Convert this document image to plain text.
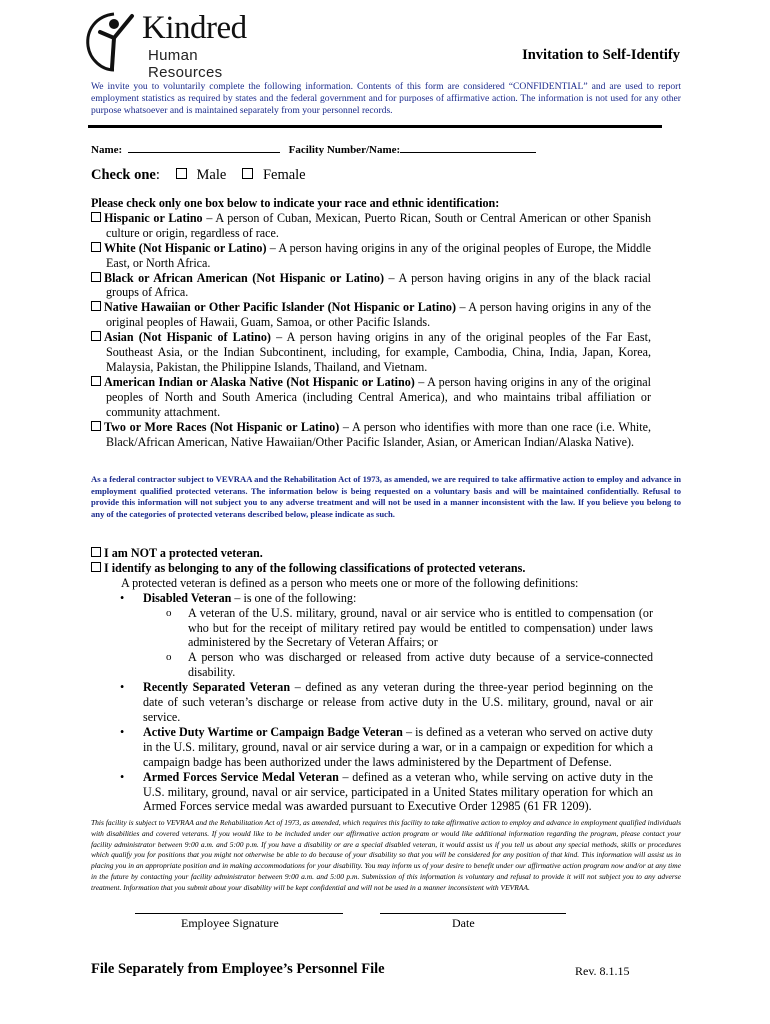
Kindred
Human Resources
Invitation to Self-Identify
We invite you to voluntarily complete the following information. Contents of this form are considered “CONFIDENTIAL” and are used to report employment statistics as required by states and the federal government and for purposes of affirmative action. The information is not used for any other purpose whatsoever and is maintained separately from your personnel records.
Name:	Facility Number/Name:
Check one:	Male	Female
Please check only one box below to indicate your race and ethnic identification:
Hispanic or Latino – A person of Cuban, Mexican, Puerto Rican, South or Central American or other Spanish culture or origin, regardless of race.
White (Not Hispanic or Latino) – A person having origins in any of the original peoples of Europe, the Middle East, or North Africa.
Black or African American (Not Hispanic or Latino) – A person having origins in any of the black racial groups of Africa.
Native Hawaiian or Other Pacific Islander (Not Hispanic or Latino) – A person having origins in any of the original peoples of Hawaii, Guam, Samoa, or other Pacific Islands.
Asian (Not Hispanic of Latino) – A person having origins in any of the original peoples of the Far East, Southeast Asia, or the Indian Subcontinent, including, for example, Cambodia, China, India, Japan, Korea, Malaysia, Pakistan, the Philippine Islands, Thailand, and Vietnam.
American Indian or Alaska Native (Not Hispanic or Latino) – A person having origins in any of the original peoples of North and South America (including Central America), and who maintains tribal affiliation or community attachment.
Two or More Races (Not Hispanic or Latino) – A person who identifies with more than one race (i.e. White, Black/African American, Native Hawaiian/Other Pacific Islander, Asian, or American Indian/Alaska Native).
As a federal contractor subject to VEVRAA and the Rehabilitation Act of 1973, as amended, we are required to take affirmative action to employ and advance in employment qualified protected veterans. The information below is being requested on a voluntary basis and will be maintained confidentially. Refusal to provide this information will not subject you to any adverse treatment and will not be used in a manner inconsistent with the law. If you believe you belong to any of the categories of protected veterans described below, please indicate as such.
I am NOT a protected veteran.
I identify as belonging to any of the following classifications of protected veterans.
A protected veteran is defined as a person who meets one or more of the following definitions:
• Disabled Veteran – is one of the following:
o A veteran of the U.S. military, ground, naval or air service who is entitled to compensation (or who but for the receipt of military retired pay would be entitled to compensation) under laws administered by the Secretary of Veteran Affairs; or
o A person who was discharged or released from active duty because of a service-connected disability.
• Recently Separated Veteran – defined as any veteran during the three-year period beginning on the date of such veteran’s discharge or release from active duty in the U.S. military, ground, naval or air service.
• Active Duty Wartime or Campaign Badge Veteran – is defined as a veteran who served on active duty in the U.S. military, ground, naval or air service during a war, or in a campaign or expedition for which a campaign badge has been authorized under the laws administered by the Department of Defense.
• Armed Forces Service Medal Veteran – defined as a veteran who, while serving on active duty in the U.S. military, ground, naval or air service, participated in a United States military operation for which an Armed Forces service medal was awarded pursuant to Executive Order 12985 (61 FR 1209).
This facility is subject to VEVRAA and the Rehabilitation Act of 1973, as amended, which requires this facility to take affirmative action to employ and advance in employment qualified individuals with disabilities and covered veterans. If you would like to be included under our affirmative action program or would like additional information regarding the program, please contact your facility administrator between 9:00 a.m. and 5:00 p.m. If you have a disability or are a special disabled veteran, it would assist us if you tell us about any special methods, skills or procedures which qualify you for positions that you might not otherwise be able to do because of your disability so that you will be considered for any position of that kind. This information will assist us in placing you in an appropriate position and in making accommodations for your disability. You may inform us of your desire to benefit under our affirmative action program now and/or at any time in the future by contacting your facility administrator between 9:00 a.m. and 5:00 p.m. Submission of this information is voluntary and refusal to provide it will not subject you to any adverse treatment. Information that you submit about your disability will be kept confidential and will not be used in a manner inconsistent with VEVRAA.
Employee Signature	Date
File Separately from Employee’s Personnel File	Rev. 8.1.15
